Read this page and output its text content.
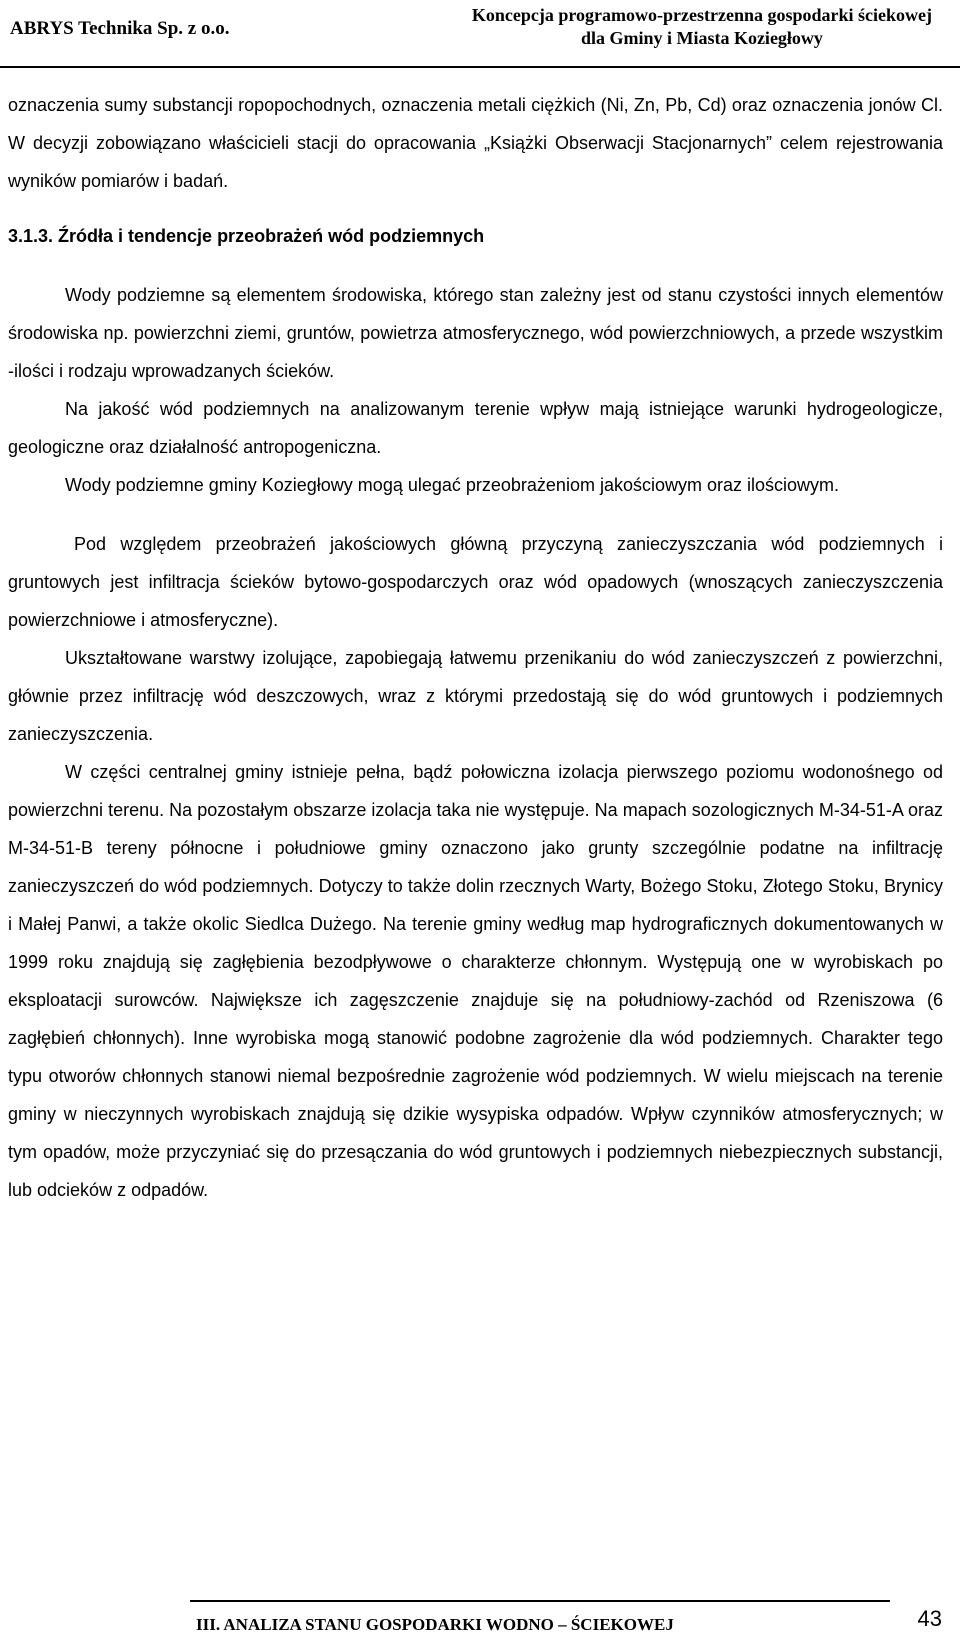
ABRYS Technika Sp. z o.o.
Koncepcja programowo-przestrzenna gospodarki ściekowej
dla Gminy i Miasta Koziegłowy

oznaczenia sumy substancji ropopochodnych, oznaczenia metali ciężkich (Ni, Zn, Pb, Cd) oraz oznaczenia jonów Cl. W decyzji zobowiązano właścicieli stacji do opracowania „Książki Obserwacji Stacjonarnych” celem rejestrowania wyników pomiarów i badań.

3.1.3. Źródła i tendencje przeobrażeń wód podziemnych

Wody podziemne są elementem środowiska, którego stan zależny jest od stanu czystości innych elementów środowiska np. powierzchni ziemi, gruntów, powietrza atmosferycznego, wód powierzchniowych, a przede wszystkim -ilości i rodzaju wprowadzanych ścieków.

Na jakość wód podziemnych na analizowanym terenie wpływ mają istniejące warunki hydrogeologicze, geologiczne oraz działalność antropogeniczna.

Wody podziemne gminy Koziegłowy mogą ulegać przeobrażeniom jakościowym oraz ilościowym.

Pod względem przeobrażeń jakościowych główną przyczyną zanieczyszczania wód podziemnych i gruntowych jest infiltracja ścieków bytowo-gospodarczych oraz wód opadowych (wnoszących zanieczyszczenia powierzchniowe i atmosferyczne).

Ukształtowane warstwy izolujące, zapobiegają łatwemu przenikaniu do wód zanieczyszczeń z powierzchni, głównie przez infiltrację wód deszczowych, wraz z którymi przedostają się do wód gruntowych i podziemnych zanieczyszczenia.

W części centralnej gminy istnieje pełna, bądź połowiczna izolacja pierwszego poziomu wodonośnego od powierzchni terenu. Na pozostałym obszarze izolacja taka nie występuje. Na mapach sozologicznych M-34-51-A oraz M-34-51-B tereny północne i południowe gminy oznaczono jako grunty szczególnie podatne na infiltrację zanieczyszczeń do wód podziemnych. Dotyczy to także dolin rzecznych Warty, Bożego Stoku, Złotego Stoku, Brynicy i Małej Panwi, a także okolic Siedlca Dużego. Na terenie gminy według map hydrograficznych dokumentowanych w 1999 roku znajdują się zagłębienia bezodpływowe o charakterze chłonnym. Występują one w wyrobiskach po eksploatacji surowców. Największe ich zagęszczenie znajduje się na południowy-zachód od Rzeniszowa (6 zagłębień chłonnych). Inne wyrobiska mogą stanowić podobne zagrożenie dla wód podziemnych. Charakter tego typu otworów chłonnych stanowi niemal bezpośrednie zagrożenie wód podziemnych. W wielu miejscach na terenie gminy w nieczynnych wyrobiskach znajdują się dzikie wysypiska odpadów. Wpływ czynników atmosferycznych; w tym opadów, może przyczyniać się do przesączania do wód gruntowych i podziemnych niebezpiecznych substancji, lub odcieków z odpadów.

III. ANALIZA STANU GOSPODARKI WODNO – ŚCIEKOWEJ	43
